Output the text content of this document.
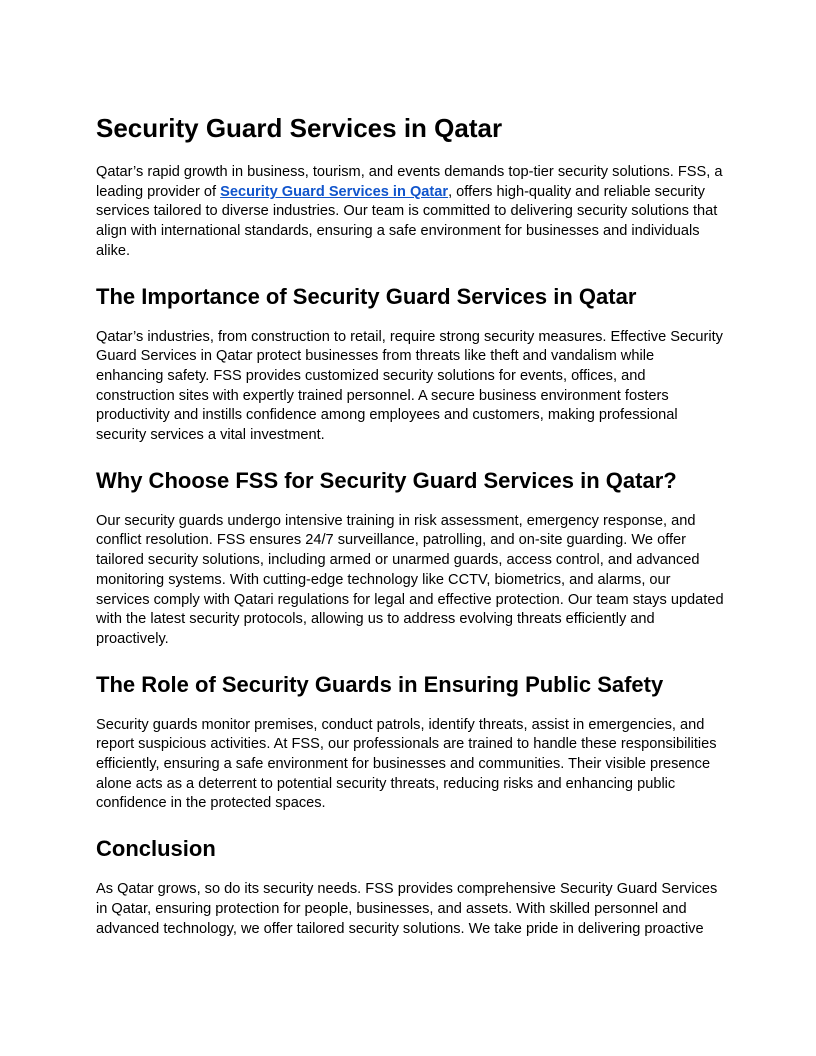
Security Guard Services in Qatar

Qatar’s rapid growth in business, tourism, and events demands top-tier security solutions. FSS, a leading provider of Security Guard Services in Qatar, offers high-quality and reliable security services tailored to diverse industries. Our team is committed to delivering security solutions that align with international standards, ensuring a safe environment for businesses and individuals alike.

The Importance of Security Guard Services in Qatar

Qatar’s industries, from construction to retail, require strong security measures. Effective Security Guard Services in Qatar protect businesses from threats like theft and vandalism while enhancing safety. FSS provides customized security solutions for events, offices, and construction sites with expertly trained personnel. A secure business environment fosters productivity and instills confidence among employees and customers, making professional security services a vital investment.

Why Choose FSS for Security Guard Services in Qatar?

Our security guards undergo intensive training in risk assessment, emergency response, and conflict resolution. FSS ensures 24/7 surveillance, patrolling, and on-site guarding. We offer tailored security solutions, including armed or unarmed guards, access control, and advanced monitoring systems. With cutting-edge technology like CCTV, biometrics, and alarms, our services comply with Qatari regulations for legal and effective protection. Our team stays updated with the latest security protocols, allowing us to address evolving threats efficiently and proactively.

The Role of Security Guards in Ensuring Public Safety

Security guards monitor premises, conduct patrols, identify threats, assist in emergencies, and report suspicious activities. At FSS, our professionals are trained to handle these responsibilities efficiently, ensuring a safe environment for businesses and communities. Their visible presence alone acts as a deterrent to potential security threats, reducing risks and enhancing public confidence in the protected spaces.

Conclusion

As Qatar grows, so do its security needs. FSS provides comprehensive Security Guard Services in Qatar, ensuring protection for people, businesses, and assets. With skilled personnel and advanced technology, we offer tailored security solutions. We take pride in delivering proactive
